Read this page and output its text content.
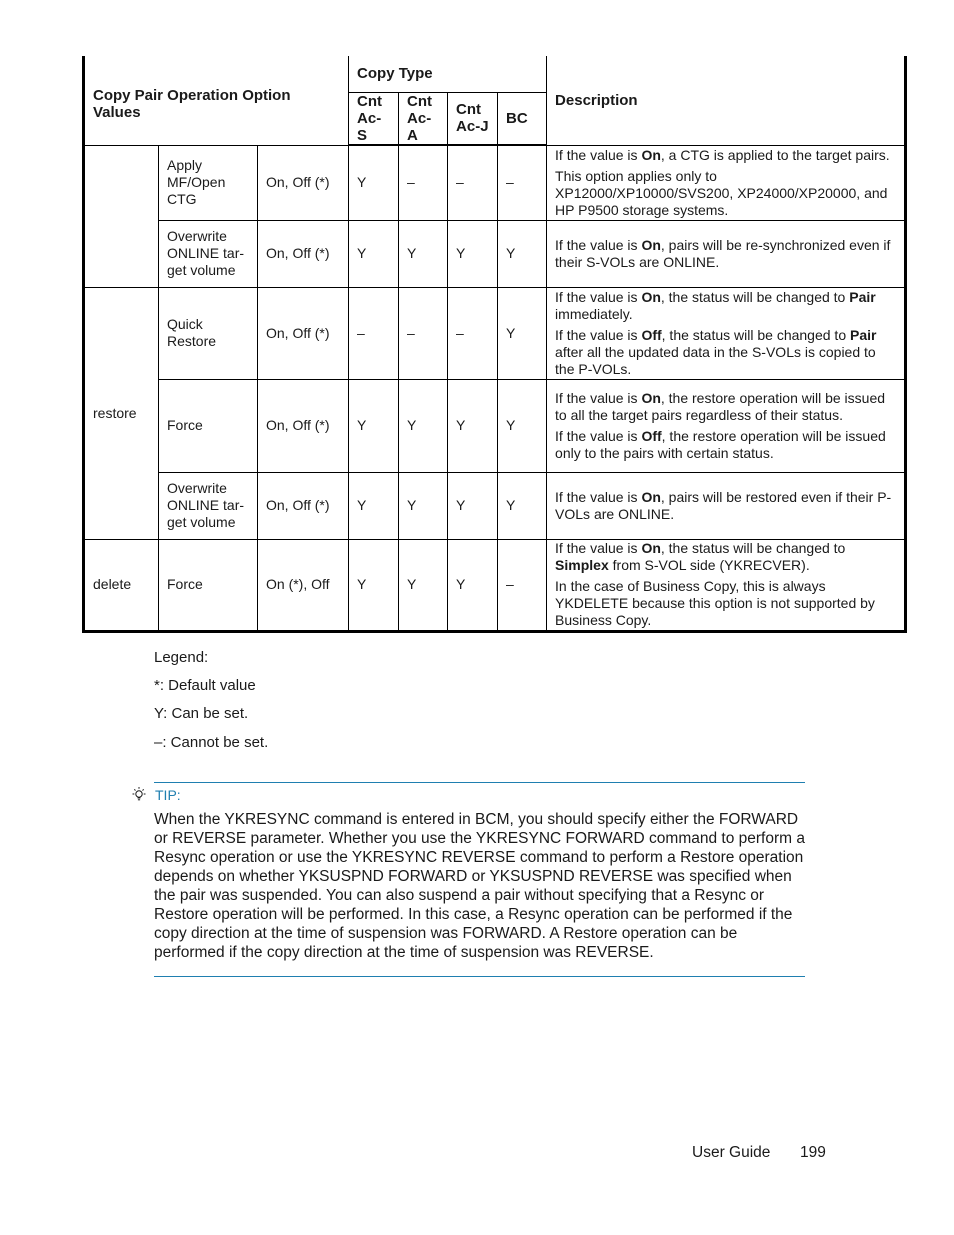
Copy Pair Operation Option Values			Copy Type				Description
			Cnt Ac-S	Cnt Ac-A	Cnt Ac-J	BC	
	Apply MF/Open CTG	On, Off (*)	Y	–	–	–	If the value is On, a CTG is applied to the target pairs.

This option applies only to XP12000/XP10000/SVS200, XP24000/XP20000, and HP P9500 storage systems.

	Overwrite ONLINE tar-get volume	On, Off (*)	Y	Y	Y	Y	If the value is On, pairs will be re-synchronized even if their S-VOLs are ONLINE.

restore	Quick Restore	On, Off (*)	–	–	–	Y	If the value is On, the status will be changed to Pair immediately.

If the value is Off, the status will be changed to Pair after all the updated data in the S-VOLs is copied to the P-VOLs.

	Force	On, Off (*)	Y	Y	Y	Y	If the value is On, the restore operation will be issued to all the target pairs regardless of their status.

If the value is Off, the restore operation will be issued only to the pairs with certain status.

	Overwrite ONLINE tar-get volume	On, Off (*)	Y	Y	Y	Y	If the value is On, pairs will be restored even if their P-VOLs are ONLINE.

delete	Force	On (*), Off	Y	Y	Y	–	If the value is On, the status will be changed to Simplex from S-VOL side (YKRECVER).

In the case of Business Copy, this is always YKDELETE because this option is not supported by Business Copy.

Legend:
*: Default value
Y: Can be set.
–: Cannot be set.
TIP:

When the YKRESYNC command is entered in BCM, you should specify either the FORWARD or REVERSE parameter. Whether you use the YKRESYNC FORWARD command to perform a Resync operation or use the YKRESYNC REVERSE command to perform a Restore operation depends on whether YKSUSPND FORWARD or YKSUSPND REVERSE was specified when the pair was suspended. You can also suspend a pair without specifying that a Resync or Restore operation will be performed. In this case, a Resync operation can be performed if the copy direction at the time of suspension was FORWARD. A Restore operation can be performed if the copy direction at the time of suspension was REVERSE.

User Guide 199
